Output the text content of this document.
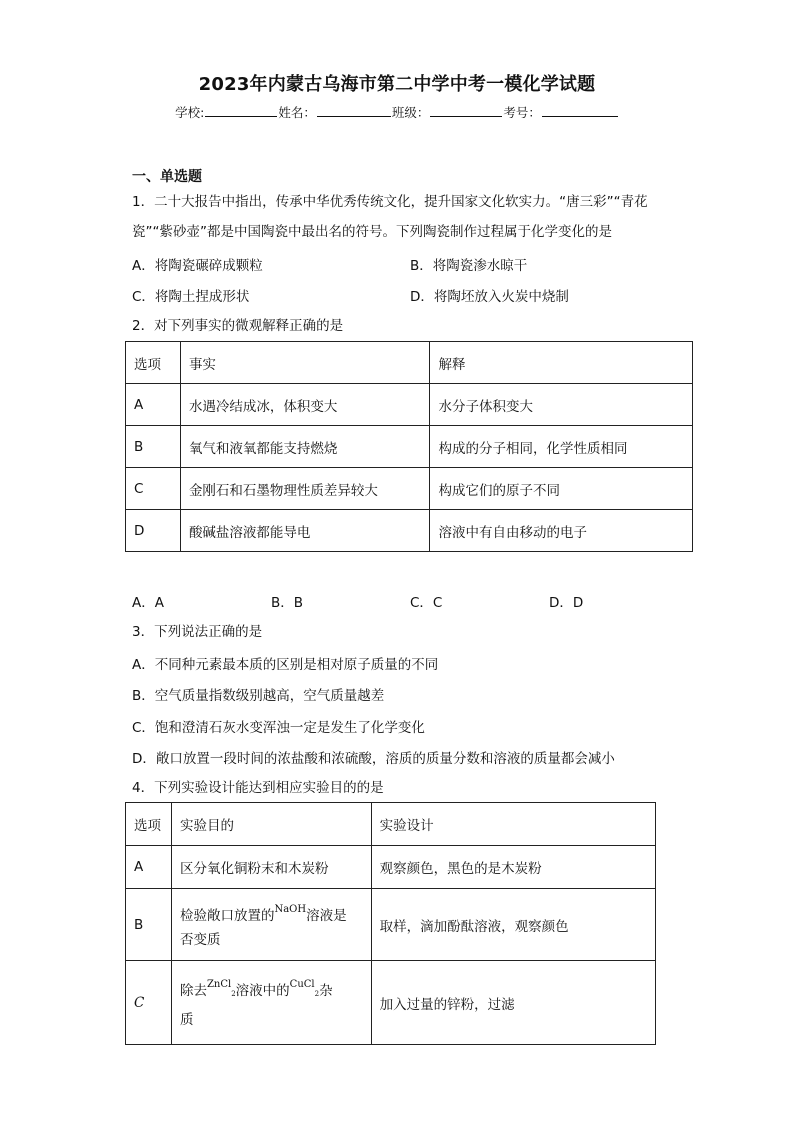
2023年内蒙古乌海市第二中学中考一模化学试题
学校:	姓名：	班级：	考号：
一、单选题
1．二十大报告中指出，传承中华优秀传统文化，提升国家文化软实力。“唐三彩”“青花
瓷”“紫砂壶”都是中国陶瓷中最出名的符号。下列陶瓷制作过程属于化学变化的是
A．将陶瓷碾碎成颗粒	B．将陶瓷渗水晾干
C．将陶土捏成形状	D．将陶坯放入火炭中烧制
2．对下列事实的微观解释正确的是
选项	事实	解释
A	水遇冷结成冰，体积变大	水分子体积变大
B	氧气和液氧都能支持燃烧	构成的分子相同，化学性质相同
C	金刚石和石墨物理性质差异较大	构成它们的原子不同
D	酸碱盐溶液都能导电	溶液中有自由移动的电子
A．A	B．B	C．C	D．D
3．下列说法正确的是
A．不同种元素最本质的区别是相对原子质量的不同
B．空气质量指数级别越高，空气质量越差
C．饱和澄清石灰水变浑浊一定是发生了化学变化
D．敞口放置一段时间的浓盐酸和浓硫酸，溶质的质量分数和溶液的质量都会减小
4．下列实验设计能达到相应实验目的的是
选项	实验目的	实验设计
A	区分氧化铜粉末和木炭粉	观察颜色，黑色的是木炭粉
B	检验敞口放置的$^{NaOH}$溶液是
否变质	取样，滴加酚酞溶液，观察颜色
C	除去$^{ZnCl}$2溶液中的$^{CuCl}$2杂
质	加入过量的锌粉，过滤
